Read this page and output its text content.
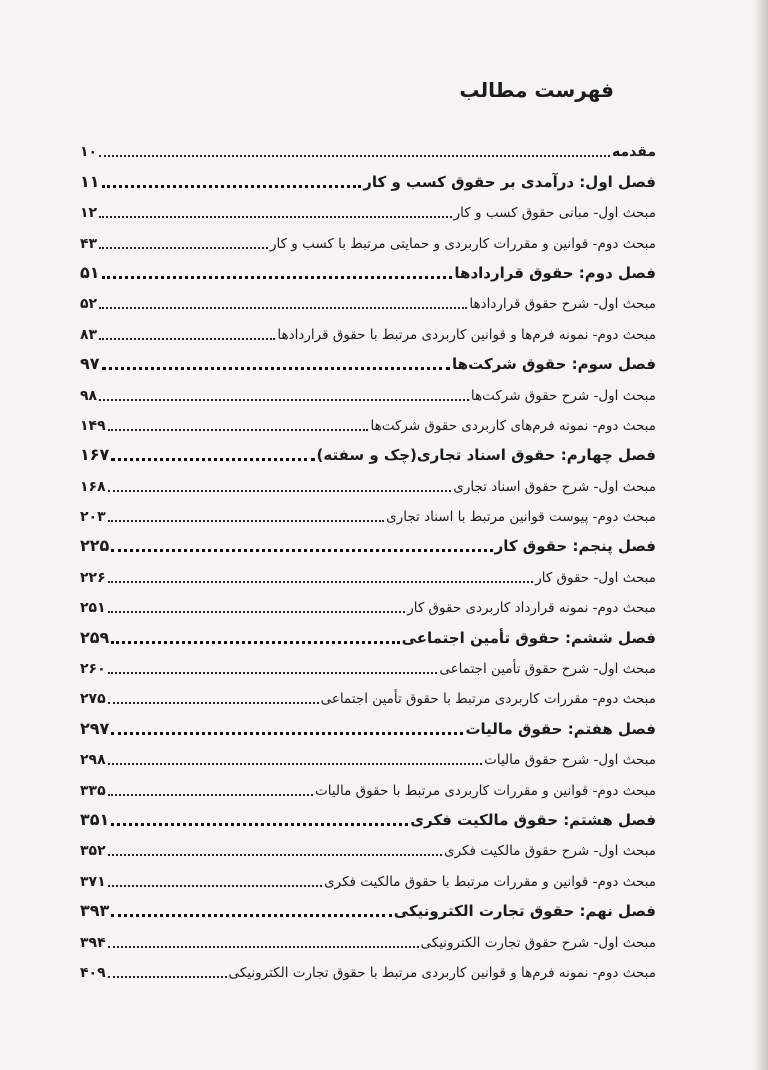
فهرست مطالب
مقدمه
۱۰
فصل اول: درآمدی بر حقوق کسب و کار
۱۱
مبحث اول- مبانی حقوق کسب و کار
۱۲
مبحث دوم- قوانین و مقررات کاربردی و حمایتی مرتبط با کسب و کار
۴۳
فصل دوم: حقوق قراردادها
۵۱
مبحث اول- شرح حقوق قراردادها
۵۲
مبحث دوم- نمونه فرم‌ها و قوانین کاربردی مرتبط با حقوق قراردادها
۸۳
فصل سوم: حقوق شرکت‌ها
۹۷
مبحث اول- شرح حقوق شرکت‌ها
۹۸
مبحث دوم- نمونه فرم‌های کاربردی حقوق شرکت‌ها
۱۴۹
فصل چهارم: حقوق اسناد تجاری(چک و سفته)
۱۶۷
مبحث اول- شرح حقوق اسناد تجاری
۱۶۸
مبحث دوم- پیوست قوانین مرتبط با اسناد تجاری
۲۰۳
فصل پنجم: حقوق کار
۲۲۵
مبحث اول- حقوق کار
۲۲۶
مبحث دوم- نمونه قرارداد کاربردی حقوق کار
۲۵۱
فصل ششم: حقوق تأمین اجتماعی
۲۵۹
مبحث اول- شرح حقوق تأمین اجتماعی
۲۶۰
مبحث دوم- مقررات کاربردی مرتبط با حقوق تأمین اجتماعی
۲۷۵
فصل هفتم: حقوق مالیات
۲۹۷
مبحث اول- شرح حقوق مالیات
۲۹۸
مبحث دوم- قوانین و مقررات کاربردی مرتبط با حقوق مالیات
۳۳۵
فصل هشتم: حقوق مالکیت فکری
۳۵۱
مبحث اول- شرح حقوق مالکیت فکری
۳۵۲
مبحث دوم- قوانین و مقررات مرتبط با حقوق مالکیت فکری
۳۷۱
فصل نهم: حقوق تجارت الکترونیکی
۳۹۳
مبحث اول- شرح حقوق تجارت الکترونیکی
۳۹۴
مبحث دوم- نمونه فرم‌ها و قوانین کاربردی مرتبط با حقوق تجارت الکترونیکی
۴۰۹
